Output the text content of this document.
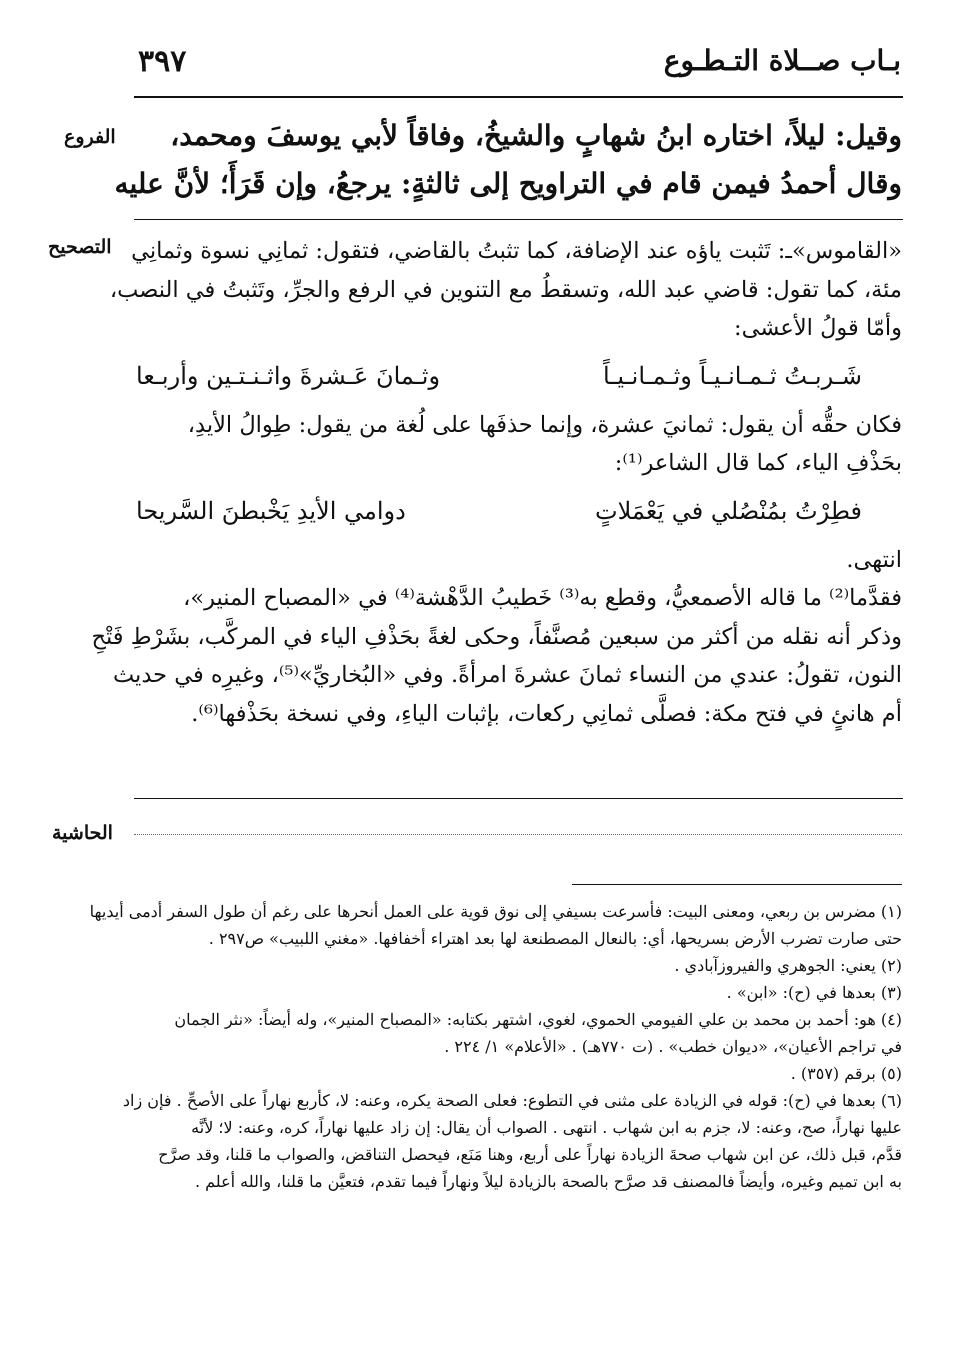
٣٩٧	بـاب صــلاة التـطـوع
الفروع
التصحيح
الحاشية
وقيل: ليلاً، اختاره ابنُ شهابٍ والشيخُ، وفاقاً لأبي يوسفَ ومحمد،
وقال أحمدُ فيمن قام في التراويح إلى ثالثةٍ: يرجعُ، وإن قَرَأَ؛ لأنَّ عليه
«القاموس»ـ: تَثبت ياؤه عند الإضافة، كما تثبتُ بالقاضي، فتقول: ثمانِي نسوة وثمانِي
مئة، كما تقول: قاضي عبد الله، وتسقطُ مع التنوين في الرفع والجرِّ، وتَثبتُ في النصب،
وأمّا قولُ الأعشى:
شَـربـتُ ثـمـانـيـاً وثـمـانـيـاً
وثـمانَ عَـشرةَ واثـنـتـين وأربـعا
فكان حقُّه أن يقول: ثمانيَ عشرة، وإنما حذفَها على لُغة من يقول: طِوالُ الأيدِ،
بحَذْفِ الياء، كما قال الشاعر⁽¹⁾:
فطِرْتُ بمُنْصُلي في يَعْمَلاتٍ
دوامي الأيدِ يَخْبطنَ السَّريحا
انتهى.
فقدَّما⁽²⁾ ما قاله الأصمعيُّ، وقطع به⁽³⁾ خَطيبُ الدَّهْشة⁽⁴⁾ في «المصباح المنير»،
وذكر أنه نقله من أكثر من سبعين مُصنَّفاً، وحكى لغةً بحَذْفِ الياء في المركَّب، بشَرْطِ فَتْحِ
النون، تقولُ: عندي من النساء ثمانَ عشرةَ امرأةً. وفي «البُخاريِّ»⁽⁵⁾، وغيرِه في حديث
أم هانئٍ في فتح مكة: فصلَّى ثمانِي ركعات، بإثبات الياءِ، وفي نسخة بحَذْفها⁽⁶⁾.
(١) مضرس بن ربعي، ومعنى البيت: فأسرعت بسيفي إلى نوق قوية على العمل أنحرها على رغم أن طول السفر أدمى أيديها
حتى صارت تضرب الأرض بسريحها، أي: بالنعال المصطنعة لها بعد اهتراء أخفافها. «مغني اللبيب» ص٢٩٧ .
(٢) يعني: الجوهري والفيروزآبادي .
(٣) بعدها في (ح): «ابن» .
(٤) هو: أحمد بن محمد بن علي الفيومي الحموي، لغوي، اشتهر بكتابه: «المصباح المنير»، وله أيضاً: «نثر الجمان
في تراجم الأعيان»، «ديوان خطب» . (ت ٧٧٠هـ) . «الأعلام» ١/ ٢٢٤ .
(٥) برقم (٣٥٧) .
(٦) بعدها في (ح): قوله في الزيادة على مثنى في التطوع: فعلى الصحة يكره، وعنه: لا، كأربع نهاراً على الأصحِّ . فإن زاد
عليها نهاراً، صح، وعنه: لا، جزم به ابن شهاب . انتهى . الصواب أن يقال: إن زاد عليها نهاراً، كره، وعنه: لا؛ لأنَّه
قدَّم، قبل ذلك، عن ابن شهاب صحةَ الزيادة نهاراً على أربع، وهنا مَنَع، فيحصل التناقض، والصواب ما قلنا، وقد صرَّح
به ابن تميم وغيره، وأيضاً فالمصنف قد صرَّح بالصحة بالزيادة ليلاً ونهاراً فيما تقدم، فتعيَّن ما قلنا، والله أعلم .
